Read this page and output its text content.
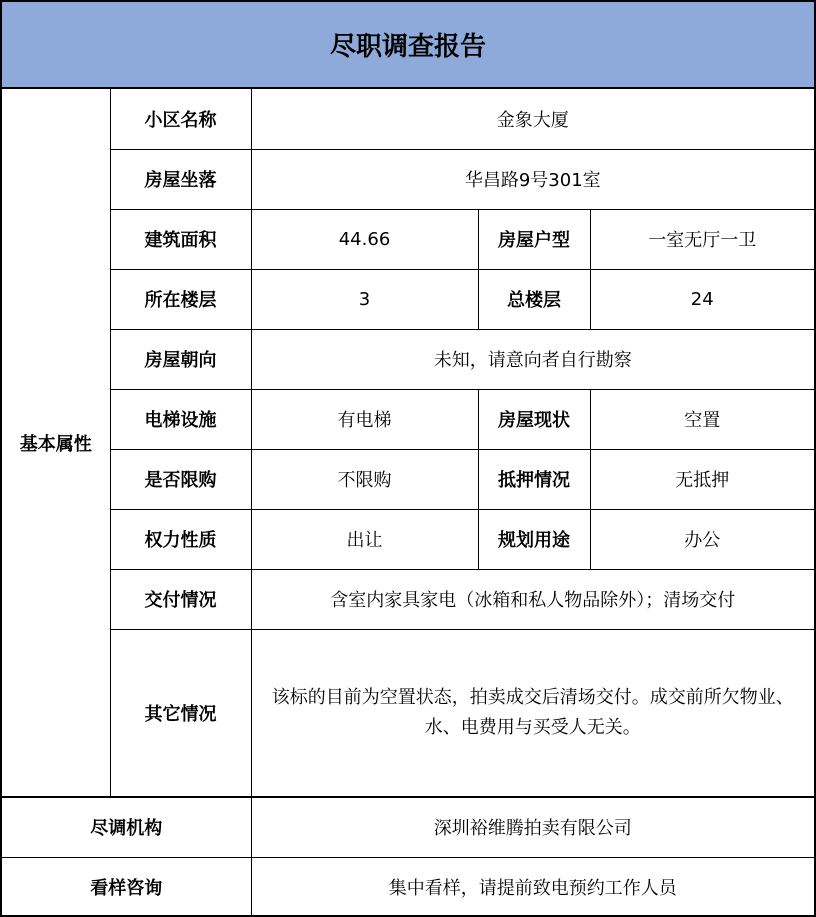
尽职调查报告
基本属性	小区名称	金象大厦		
	房屋坐落	华昌路9号301室		
	建筑面积	44.66	房屋户型	一室无厅一卫
	所在楼层	3	总楼层	24
	房屋朝向	未知，请意向者自行勘察		
	电梯设施	有电梯	房屋现状	空置
	是否限购	不限购	抵押情况	无抵押
	权力性质	出让	规划用途	办公
	交付情况	含室内家具家电（冰箱和私人物品除外）；清场交付		
	其它情况	该标的目前为空置状态，拍卖成交后清场交付。成交前所欠物业、水、电费用与买受人无关。		
尽调机构		深圳裕维腾拍卖有限公司		
看样咨询		集中看样，请提前致电预约工作人员		
